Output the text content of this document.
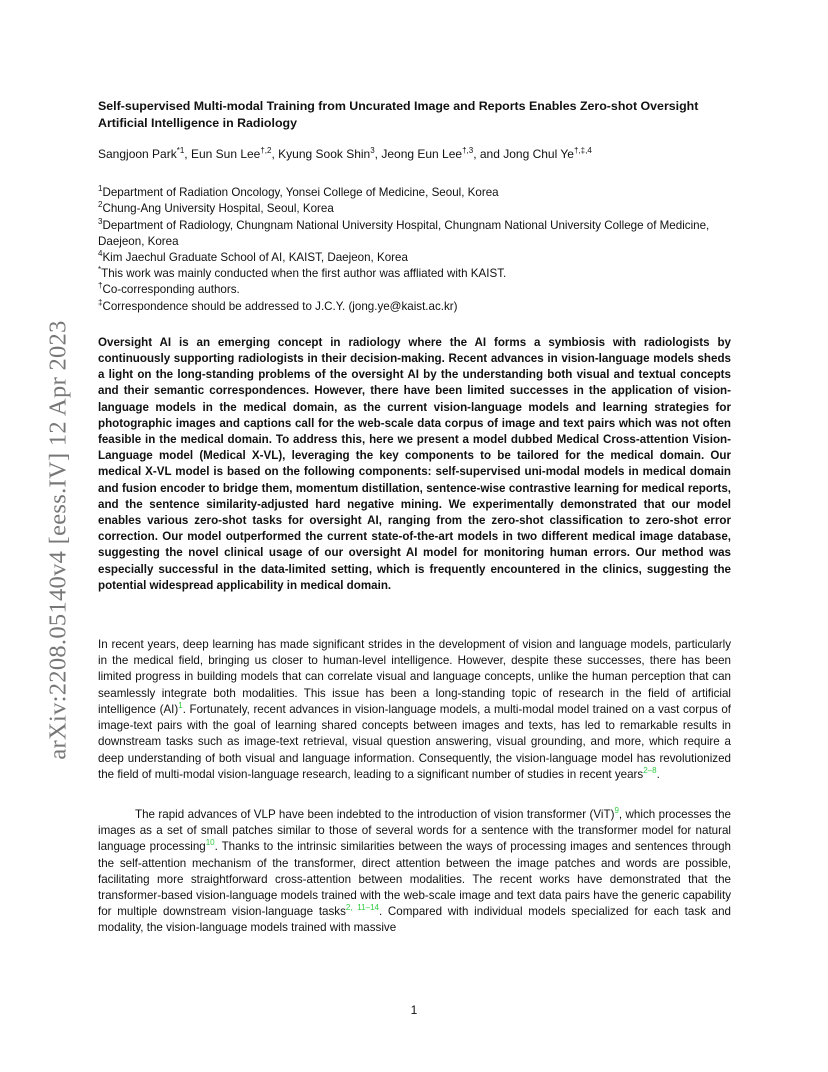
arXiv:2208.05140v4 [eess.IV] 12 Apr 2023
Self-supervised Multi-modal Training from Uncurated Image and Reports Enables Zero-shot Oversight Artificial Intelligence in Radiology
Sangjoon Park$^{*1}$, Eun Sun Lee$^{\dagger,2}$, Kyung Sook Shin$^3$, Jeong Eun Lee$^{\dagger,3}$, and Jong Chul $Ye^{\dagger,\ddagger,4}$

$^1$Department of Radiation Oncology, Yonsei College of Medicine, Seoul, Korea

$^2$Chung-Ang University Hospital, Seoul, Korea

$^3$Department of Radiology, Chungnam National University Hospital, Chungnam National University College of Medicine, Daejeon, Korea

$^4$Kim Jaechul Graduate School of AI, KAIST, Daejeon, Korea

*This work was mainly conducted when the first author was affliated with KAIST.

†Co-corresponding authors.

‡Correspondence should be addressed to J.C.Y. (jong.ye@kaist.ac.kr)

Oversight AI is an emerging concept in radiology where the AI forms a symbiosis with radiologists by continuously supporting radiologists in their decision-making. Recent advances in vision-language models sheds a light on the long-standing problems of the oversight AI by the understanding both visual and textual concepts and their semantic correspondences. However, there have been limited successes in the application of vision-language models in the medical domain, as the current vision-language models and learning strategies for photographic images and captions call for the web-scale data corpus of image and text pairs which was not often feasible in the medical domain. To address this, here we present a model dubbed Medical Cross-attention Vision-Language model (Medical X-VL), leveraging the key components to be tailored for the medical domain. Our medical X-VL model is based on the following components: self-supervised uni-modal models in medical domain and fusion encoder to bridge them, momentum distillation, sentence-wise contrastive learning for medical reports, and the sentence similarity-adjusted hard negative mining. We experimentally demonstrated that our model enables various zero-shot tasks for oversight AI, ranging from the zero-shot classification to zero-shot error correction. Our model outperformed the current state-of-the-art models in two different medical image database, suggesting the novel clinical usage of our oversight AI model for monitoring human errors. Our method was especially successful in the data-limited setting, which is frequently encountered in the clinics, suggesting the potential widespread applicability in medical domain.

In recent years, deep learning has made significant strides in the development of vision and language models, particularly in the medical field, bringing us closer to human-level intelligence. However, despite these successes, there has been limited progress in building models that can correlate visual and language concepts, unlike the human perception that can seamlessly integrate both modalities. This issue has been a long-standing topic of research in the field of artificial intelligence (AI)$^1$. Fortunately, recent advances in vision-language models, a multi-modal model trained on a vast corpus of image-text pairs with the goal of learning shared concepts between images and texts, has led to remarkable results in downstream tasks such as image-text retrieval, visual question answering, visual grounding, and more, which require a deep understanding of both visual and language information. Consequently, the vision-language model has revolutionized the field of multi-modal vision-language research, leading to a significant number of studies in recent years$^{2-8}$.

The rapid advances of VLP have been indebted to the introduction of vision transformer (ViT)$^9$, which processes the images as a set of small patches similar to those of several words for a sentence with the transformer model for natural language processing$^{10}$. Thanks to the intrinsic similarities between the ways of processing images and sentences through the self-attention mechanism of the transformer, direct attention between the image patches and words are possible, facilitating more straightforward cross-attention between modalities. The recent works have demonstrated that the transformer-based vision-language models trained with the web-scale image and text data pairs have the generic capability for multiple downstream vision-language tasks$^{2, 11-14}$. Compared with individual models specialized for each task and modality, the vision-language models trained with massive

1
